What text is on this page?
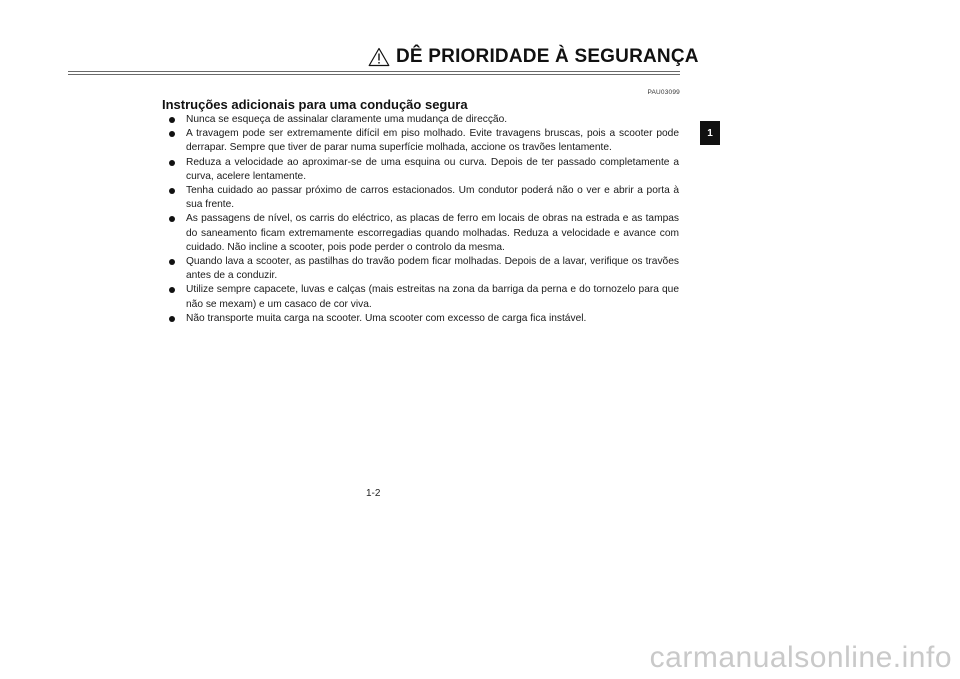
DÊ PRIORIDADE À SEGURANÇA
PAU03099
Instruções adicionais para uma condução segura
Nunca se esqueça de assinalar claramente uma mudança de direcção.
A travagem pode ser extremamente difícil em piso molhado. Evite travagens bruscas, pois a scooter pode derrapar. Sempre que tiver de parar numa superfície molhada, accione os travões lentamente.
Reduza a velocidade ao aproximar-se de uma esquina ou curva. Depois de ter passado completamente a curva, acelere lentamente.
Tenha cuidado ao passar próximo de carros estacionados. Um condutor poderá não o ver e abrir a porta à sua frente.
As passagens de nível, os carris do eléctrico, as placas de ferro em locais de obras na estrada e as tampas do saneamento ficam extremamente escorregadias quando molhadas. Reduza a velocidade e avance com cuidado. Não incline a scooter, pois pode perder o controlo da mesma.
Quando lava a scooter, as pastilhas do travão podem ficar molhadas. Depois de a lavar, verifique os travões antes de a conduzir.
Utilize sempre capacete, luvas e calças (mais estreitas na zona da barriga da perna e do tornozelo para que não se mexam) e um casaco de cor viva.
Não transporte muita carga na scooter. Uma scooter com excesso de carga fica instável.
1
1-2
carmanualsonline.info
